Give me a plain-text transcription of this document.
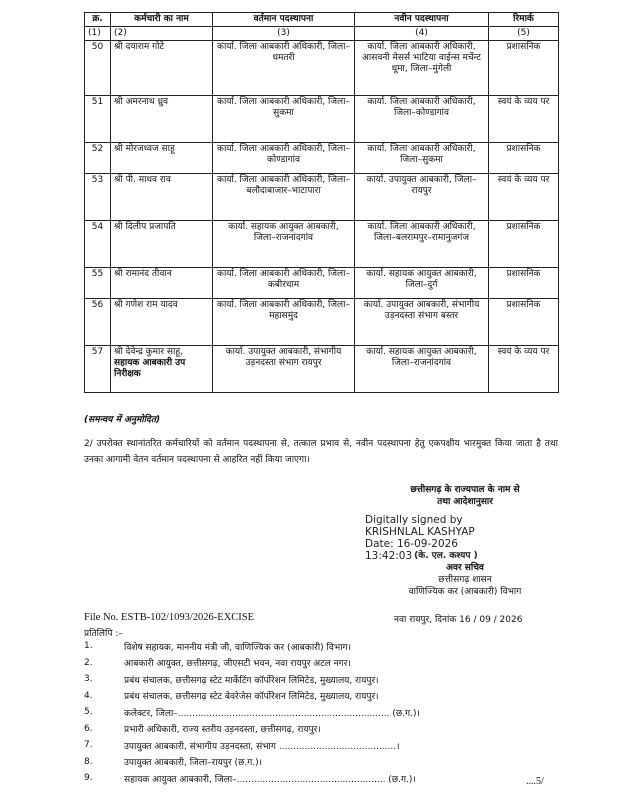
क्र.	कर्मचारी का नाम	वर्तमान पदस्थापना	नवीन पदस्थापना	रिमार्क
(1)	(2)	(3)	(4)	(5)
50	श्री दयाराम गोटे	कार्या. जिला आबकारी अधिकारी, जिला–धमतरी	कार्या. जिला आबकारी अधिकारी, आसवनी मेसर्स भाटिया वाईन्स मर्चेन्ट धूमा, जिला–मुंगेली	प्रशासनिक
51	श्री अमरनाथ ध्रुव	कार्या. जिला आबकारी अधिकारी, जिला–सुकमा	कार्या. जिला आबकारी अधिकारी, जिला–कोण्डागांव	स्वयं के व्यय पर
52	श्री मोरजध्वज साहू	कार्या. जिला आबकारी अधिकारी, जिला–कोण्डागांव	कार्या. जिला आबकारी अधिकारी, जिला–सुकमा	प्रशासनिक
53	श्री पी. माधव राव	कार्या. जिला आबकारी अधिकारी, जिला–बलौदाबाजार–भाटापारा	कार्या. उपायुक्त आबकारी, जिला–रायपुर	स्वयं के व्यय पर
54	श्री दिलीप प्रजापति	कार्या. सहायक आयुक्त आबकारी, जिला–राजनांदगांव	कार्या. जिला आबकारी अधिकारी, जिला–बलरामपुर–रामानुजगंज	प्रशासनिक
55	श्री रामानंद तीवान	कार्या. जिला आबकारी अधिकारी, जिला–कबीरधाम	कार्या. सहायक आयुक्त आबकारी, जिला–दुर्ग	प्रशासनिक
56	श्री गणेश राम यादव	कार्या. जिला आबकारी अधिकारी, जिला–महासमुंद	कार्या. उपायुक्त आबकारी, संभागीय उड़नदस्ता संभाग बस्तर	प्रशासनिक
57	श्री देवेन्द्र कुमार साहू, सहायक आबकारी उप निरीक्षक	कार्या. उपायुक्त आबकारी, संभागीय उड़नदस्ता संभाग रायपुर	कार्या. सहायक आयुक्त आबकारी, जिला–राजनांदगांव	स्वयं के व्यय पर
(समन्वय में अनुमोदित)
2/ उपरोक्त स्थानांतरित कर्मचारियों को वर्तमान पदस्थापना से, तत्काल प्रभाव से, नवीन पदस्थापना हेतु एकपक्षीय भारमुक्त किया जाता है तथा उनका आगामी वेतन वर्तमान पदस्थापना से आहरित नहीं किया जाएगा।
छत्तीसगढ़ के राज्यपाल के नाम से
तथा आदेशानुसार
Digitally signed by
KRISHNLAL KASHYAP
Date: 16-09-2026
13:42:03 (के. एल. कश्यप )
अवर सचिव
छत्तीसगढ़ शासन
वाणिज्यिक कर (आबकारी) विभाग
File No. ESTB-102/1093/2026-EXCISE	नवा रायपुर, दिनांक 16 / 09 / 2026
प्रतिलिपि :–
1.	विशेष सहायक, माननीय मंत्री जी, वाणिज्यिक कर (आबकारी) विभाग।
2.	आबकारी आयुक्त, छत्तीसगढ़, जीएसटी भवन, नवा रायपुर अटल नगर।
3.	प्रबंध संचालक, छत्तीसगढ़ स्टेट मार्केटिंग कॉर्पोरेशन लिमिटेड, मुख्यालय, रायपुर।
4.	प्रबंध संचालक, छत्तीसगढ़ स्टेट बेवरेजेस कॉर्पोरेशन लिमिटेड, मुख्यालय, रायपुर।
5.	कलेक्टर, जिला–.......................................................................... (छ.ग.)।
6.	प्रभारी अधिकारी, राज्य स्तरीय उड़नदस्ता, छत्तीसगढ़, रायपुर।
7.	उपायुक्त आबकारी, संभागीय उड़नदस्ता, संभाग .........................................।
8.	उपायुक्त आबकारी, जिला–रायपुर (छ.ग.)।
9.	सहायक आयुक्त आबकारी, जिला–.................................................... (छ.ग.)।	....5/
